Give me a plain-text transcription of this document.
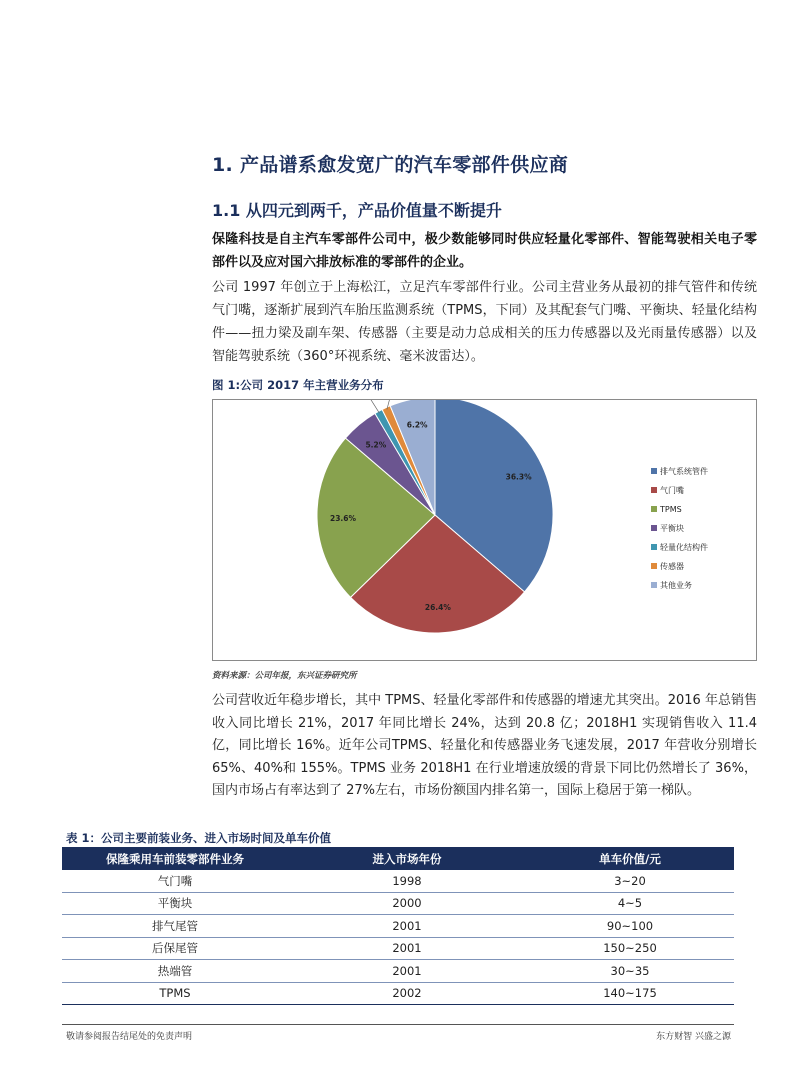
1. 产品谱系愈发宽广的汽车零部件供应商
1.1 从四元到两千，产品价值量不断提升
保隆科技是自主汽车零部件公司中，极少数能够同时供应轻量化零部件、智能驾驶相关电子零部件以及应对国六排放标准的零部件的企业。
公司 1997 年创立于上海松江，立足汽车零部件行业。公司主营业务从最初的排气管件和传统气门嘴，逐渐扩展到汽车胎压监测系统（TPMS，下同）及其配套气门嘴、平衡块、轻量化结构件——扭力梁及副车架、传感器（主要是动力总成相关的压力传感器以及光雨量传感器）以及智能驾驶系统（360°环视系统、毫米波雷达）。
图 1:公司 2017 年主营业务分布
36.3%
26.4%
23.6%
5.2%
6.2%
排气系统管件
气门嘴
TPMS
平衡块
轻量化结构件
传感器
其他业务
资料来源：公司年报，东兴证券研究所
公司营收近年稳步增长，其中 TPMS、轻量化零部件和传感器的增速尤其突出。2016 年总销售收入同比增长 21%，2017 年同比增长 24%，达到 20.8 亿；2018H1 实现销售收入 11.4 亿，同比增长 16%。近年公司TPMS、轻量化和传感器业务飞速发展，2017 年营收分别增长 65%、40%和 155%。TPMS 业务 2018H1 在行业增速放缓的背景下同比仍然增长了 36%，国内市场占有率达到了 27%左右，市场份额国内排名第一，国际上稳居于第一梯队。
表 1：公司主要前装业务、进入市场时间及单车价值
保隆乘用车前装零部件业务	进入市场年份	单车价值/元
气门嘴	1998	3~20
平衡块	2000	4~5
排气尾管	2001	90~100
后保尾管	2001	150~250
热端管	2001	30~35
TPMS	2002	140~175
敬请参阅报告结尾处的免责声明	东方财智 兴盛之源
